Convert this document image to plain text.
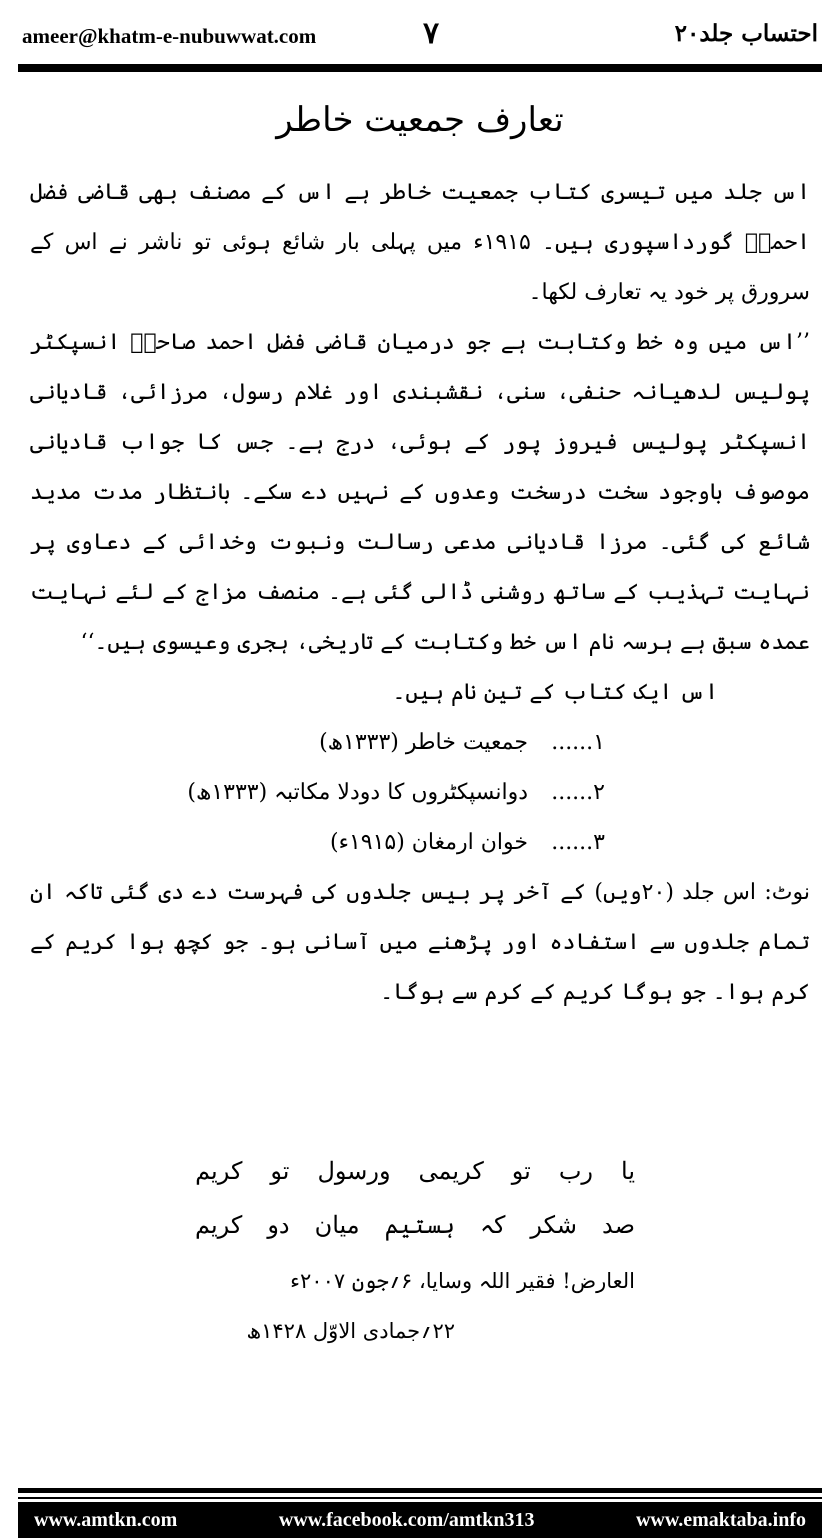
ameer@khatm-e-nubuwwat.com	۷	احتساب جلد۲۰
تعارف جمعیت خاطر

اس جلد میں تیسری کتاب جمعیت خاطر ہے اس کے مصنف بھی قاضی فضل احمدؒ گورداسپوری ہیں۔ ۱۹۱۵ء میں پہلی بار شائع ہوئی تو ناشر نے اس کے سرورق پر خود یہ تعارف لکھا۔

’’اس میں وہ خط وکتابت ہے جو درمیان قاضی فضل احمد صاحبؒ انسپکٹر پولیس لدھیانہ حنفی، سنی، نقشبندی اور غلام رسول، مرزائی، قادیانی انسپکٹر پولیس فیروز پور کے ہوئی، درج ہے۔ جس کا جواب قادیانی موصوف باوجود سخت درسخت وعدوں کے نہیں دے سکے۔ بانتظار مدت مدید شائع کی گئی۔ مرزا قادیانی مدعی رسالت ونبوت وخدائی کے دعاوی پر نہایت تہذیب کے ساتھ روشنی ڈالی گئی ہے۔ منصف مزاج کے لئے نہایت عمدہ سبق ہے ہرسہ نام اس خط وکتابت کے تاریخی، ہجری وعیسوی ہیں۔‘‘

اس ایک کتاب کے تین نام ہیں۔

۱...... جمعیت خاطر (۱۳۳۳ھ)
۲...... دوانسپکٹروں کا دودلا مکاتبہ (۱۳۳۳ھ)
۳...... خوان ارمغان (۱۹۱۵ء)

نوٹ: اس جلد (۲۰ویں) کے آخر پر بیس جلدوں کی فہرست دے دی گئی تاکہ ان تمام جلدوں سے استفادہ اور پڑھنے میں آسانی ہو۔ جو کچھ ہوا کریم کے کرم ہوا۔ جو ہوگا کریم کے کرم سے ہوگا۔

یا
رب
تو
کریمی
ورسول
تو
کریم
صد
شکر
کہ
ہستیم
میان
دو
کریم
العارض! فقیر اللہ وسایا، ۶؍جون ۲۰۰۷ء
۲۲؍جمادی الاوّل ۱۴۲۸ھ
www.amtkn.com	www.facebook.com/amtkn313	www.emaktaba.info
